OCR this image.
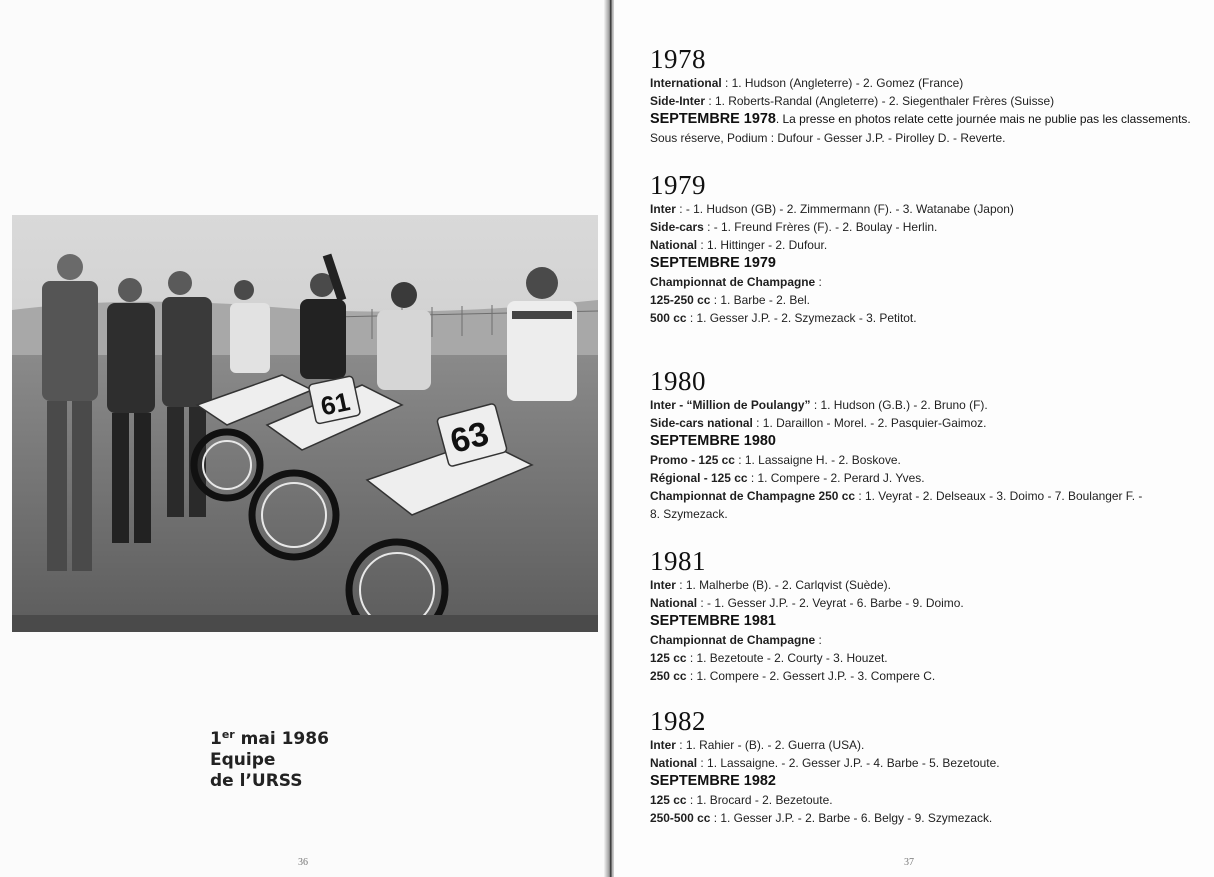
61
63
1er mai 1986
Equipe
de l’URSS
36	37
1978
International : 1. Hudson (Angleterre) - 2. Gomez (France)
Side-Inter : 1. Roberts-Randal (Angleterre) - 2. Siegenthaler Frères (Suisse)
SEPTEMBRE 1978. La presse en photos relate cette journée mais ne publie pas les classements.
Sous réserve, Podium : Dufour - Gesser J.P. - Pirolley D. - Reverte.
1979
Inter : - 1. Hudson (GB) - 2. Zimmermann (F). - 3. Watanabe (Japon)
Side-cars : - 1. Freund Frères (F). - 2. Boulay - Herlin.
National : 1. Hittinger - 2. Dufour.
SEPTEMBRE 1979
Championnat de Champagne :
125-250 cc : 1. Barbe - 2. Bel.
500 cc : 1. Gesser J.P. - 2. Szymezack - 3. Petitot.
1980
Inter - “Million de Poulangy” : 1. Hudson (G.B.) - 2. Bruno (F).
Side-cars national : 1. Daraillon - Morel. - 2. Pasquier-Gaimoz.
SEPTEMBRE 1980
Promo - 125 cc : 1. Lassaigne H. - 2. Boskove.
Régional - 125 cc : 1. Compere - 2. Perard J. Yves.
Championnat de Champagne 250 cc : 1. Veyrat - 2. Delseaux - 3. Doimo - 7. Boulanger F. -
8. Szymezack.
1981
Inter : 1. Malherbe (B). - 2. Carlqvist (Suède).
National : - 1. Gesser J.P. - 2. Veyrat - 6. Barbe - 9. Doimo.
SEPTEMBRE 1981
Championnat de Champagne :
125 cc : 1. Bezetoute - 2. Courty - 3. Houzet.
250 cc : 1. Compere - 2. Gessert J.P. - 3. Compere C.
1982
Inter : 1. Rahier - (B). - 2. Guerra (USA).
National : 1. Lassaigne. - 2. Gesser J.P. - 4. Barbe - 5. Bezetoute.
SEPTEMBRE 1982
125 cc : 1. Brocard - 2. Bezetoute.
250-500 cc : 1. Gesser J.P. - 2. Barbe - 6. Belgy - 9. Szymezack.
